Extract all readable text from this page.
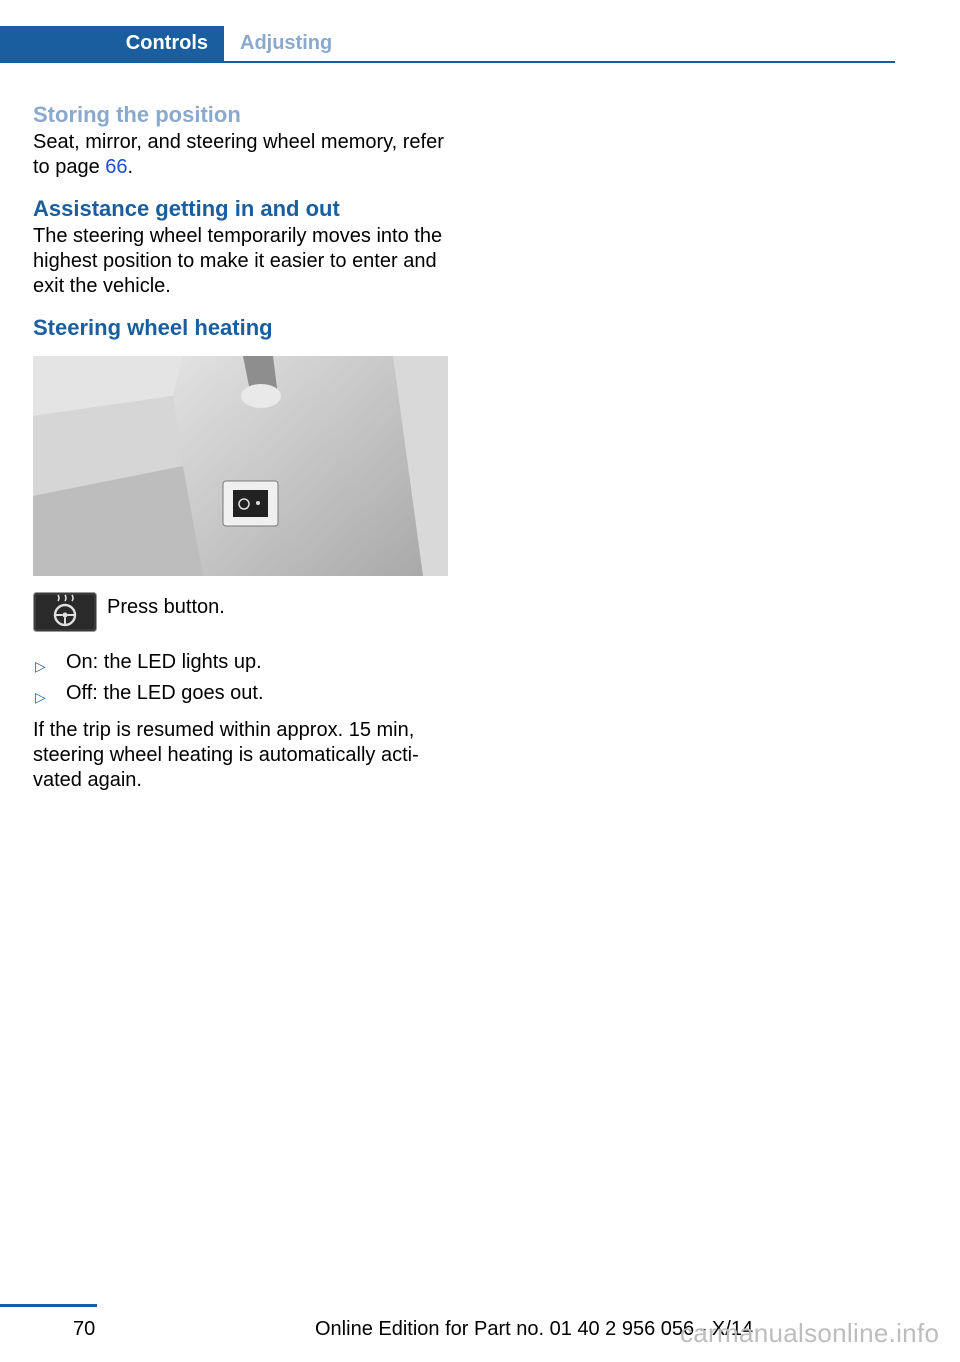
Controls	Adjusting
Storing the position

Seat, mirror, and steering wheel memory, refer to page 66.

Assistance getting in and out

The steering wheel temporarily moves into the highest position to make it easier to enter and exit the vehicle.

Steering wheel heating
Press button.
▷ On: the LED lights up.
▷ Off: the LED goes out.

If the trip is resumed within approx. 15 min, steering wheel heating is automatically activated again.

70	Online Edition for Part no. 01 40 2 956 056 - X/14
carmanualsonline.info
